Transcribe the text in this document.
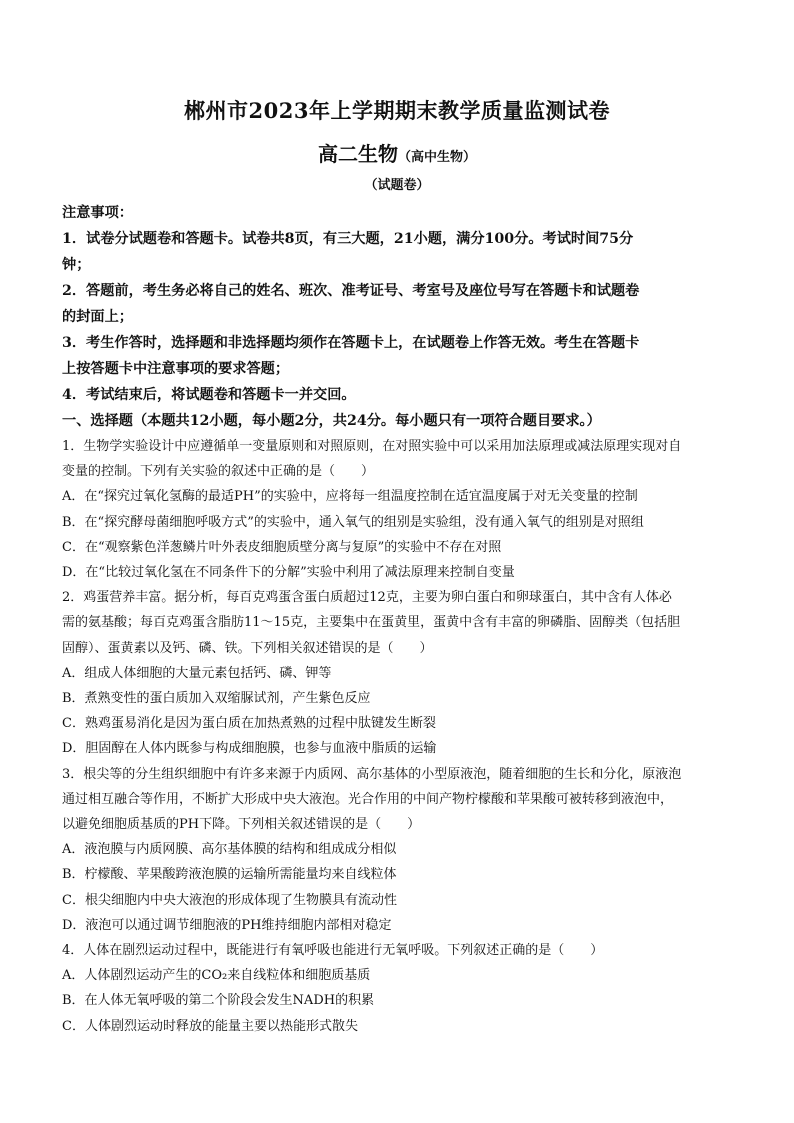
郴州市2023年上学期期末教学质量监测试卷
高二生物（高中生物）
（试题卷）

注意事项：

1．试卷分试题卷和答题卡。试卷共8页，有三大题，21小题，满分100分。考试时间75分

钟；

2．答题前，考生务必将自己的姓名、班次、准考证号、考室号及座位号写在答题卡和试题卷

的封面上；

3．考生作答时，选择题和非选择题均须作在答题卡上，在试题卷上作答无效。考生在答题卡

上按答题卡中注意事项的要求答题；

4．考试结束后，将试题卷和答题卡一并交回。

一、选择题（本题共12小题，每小题2分，共24分。每小题只有一项符合题目要求。）

1．生物学实验设计中应遵循单一变量原则和对照原则，在对照实验中可以采用加法原理或减法原理实现对自

变量的控制。下列有关实验的叙述中正确的是（　　）

A．在“探究过氧化氢酶的最适PH”的实验中，应将每一组温度控制在适宜温度属于对无关变量的控制

B．在“探究酵母菌细胞呼吸方式”的实验中，通入氧气的组别是实验组，没有通入氧气的组别是对照组

C．在“观察紫色洋葱鳞片叶外表皮细胞质壁分离与复原”的实验中不存在对照

D．在“比较过氧化氢在不同条件下的分解”实验中利用了减法原理来控制自变量

2．鸡蛋营养丰富。据分析，每百克鸡蛋含蛋白质超过12克，主要为卵白蛋白和卵球蛋白，其中含有人体必

需的氨基酸；每百克鸡蛋含脂肪11～15克，主要集中在蛋黄里，蛋黄中含有丰富的卵磷脂、固醇类（包括胆

固醇）、蛋黄素以及钙、磷、铁。下列相关叙述错误的是（　　）

A．组成人体细胞的大量元素包括钙、磷、钾等

B．煮熟变性的蛋白质加入双缩脲试剂，产生紫色反应

C．熟鸡蛋易消化是因为蛋白质在加热煮熟的过程中肽键发生断裂

D．胆固醇在人体内既参与构成细胞膜，也参与血液中脂质的运输

3．根尖等的分生组织细胞中有许多来源于内质网、高尔基体的小型原液泡，随着细胞的生长和分化，原液泡

通过相互融合等作用，不断扩大形成中央大液泡。光合作用的中间产物柠檬酸和苹果酸可被转移到液泡中，

以避免细胞质基质的PH下降。下列相关叙述错误的是（　　）

A．液泡膜与内质网膜、高尔基体膜的结构和组成成分相似

B．柠檬酸、苹果酸跨液泡膜的运输所需能量均来自线粒体

C．根尖细胞内中央大液泡的形成体现了生物膜具有流动性

D．液泡可以通过调节细胞液的PH维持细胞内部相对稳定

4．人体在剧烈运动过程中，既能进行有氧呼吸也能进行无氧呼吸。下列叙述正确的是（　　）

A．人体剧烈运动产生的CO₂来自线粒体和细胞质基质

B．在人体无氧呼吸的第二个阶段会发生NADH的积累

C．人体剧烈运动时释放的能量主要以热能形式散失
